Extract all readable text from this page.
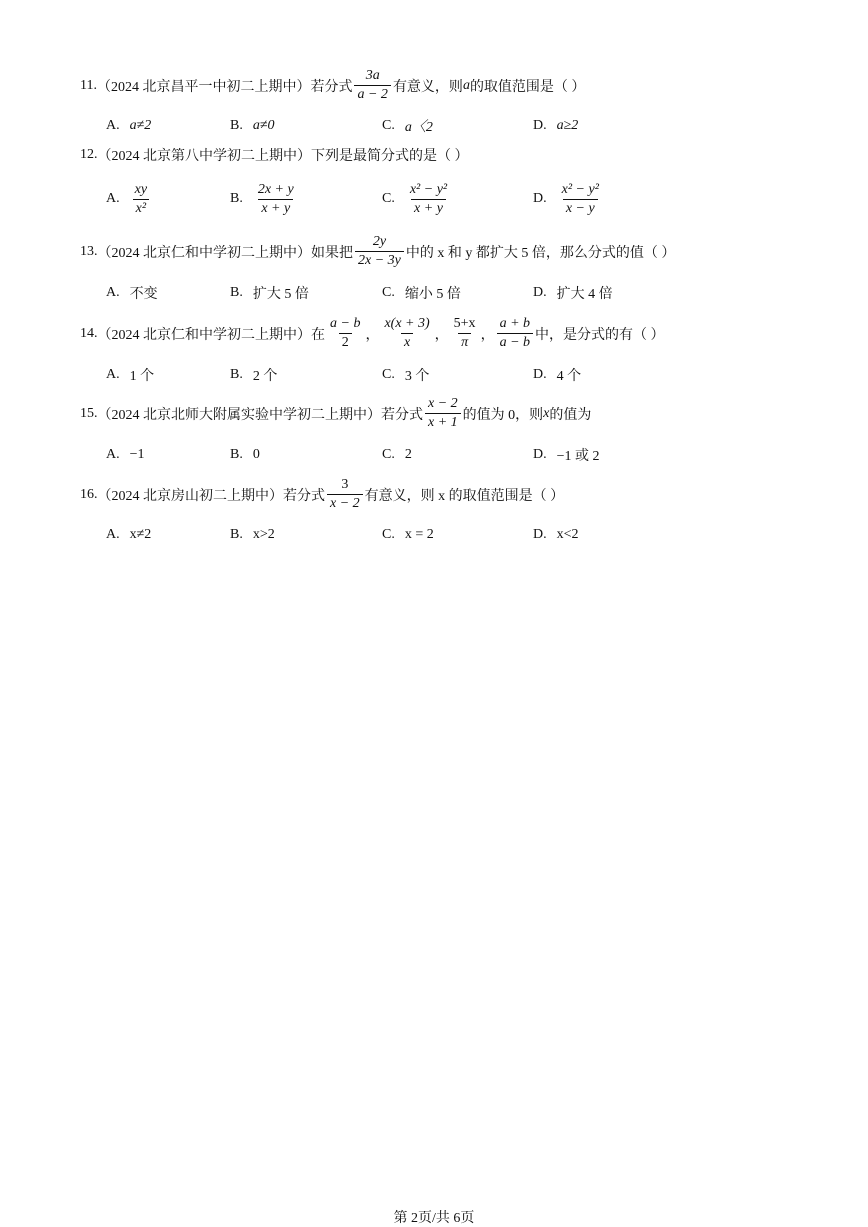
11. （2024 北京昌平一中初二上期中） 若分式 $\frac{3a}{a - 2}$ 有意义，则 a 的取值范围是（ ）
A. a≠2	B. a≠0	C. a〈2	D. a≥2
12. （2024 北京第八中学初二上期中） 下列是最简分式的是（ ）
A. $\frac{xy}{\text{x²}}$	B. $\frac{2x + y}{x + y}$	C. $\frac{\text{x² − y²}}{x + y}$	D. $\frac{\text{x² − y²}}{x - y}$
13. （2024 北京仁和中学初二上期中） 如果把 $\frac{2y}{2x - 3y}$ 中的 x 和 y 都扩大 5 倍，那么分式的值（ ）
A. 不变	B. 扩大 5 倍	C. 缩小 5 倍	D. 扩大 4 倍
14. （2024 北京仁和中学初二上期中） 在 $\frac{a - b}{2}$ ， $\frac{x(x + 3)}{x}$ ， $\frac{5+x}{\pi}$ ， $\frac{a + b}{a - b}$ 中，是分式的有（ ）
A. 1 个	B. 2 个	C. 3 个	D. 4 个
15. （2024 北京北师大附属实验中学初二上期中） 若分式 $\frac{x - 2}{x + 1}$ 的值为 0，则 x 的值为
A. −1	B. 0	C. 2	D. −1 或 2
16. （2024 北京房山初二上期中） 若分式 $\frac{3}{x - 2}$ 有意义，则 x 的取值范围是（ ）
A. x≠2	B. x>2	C. x = 2	D. x<2
第 2页/共 6页
